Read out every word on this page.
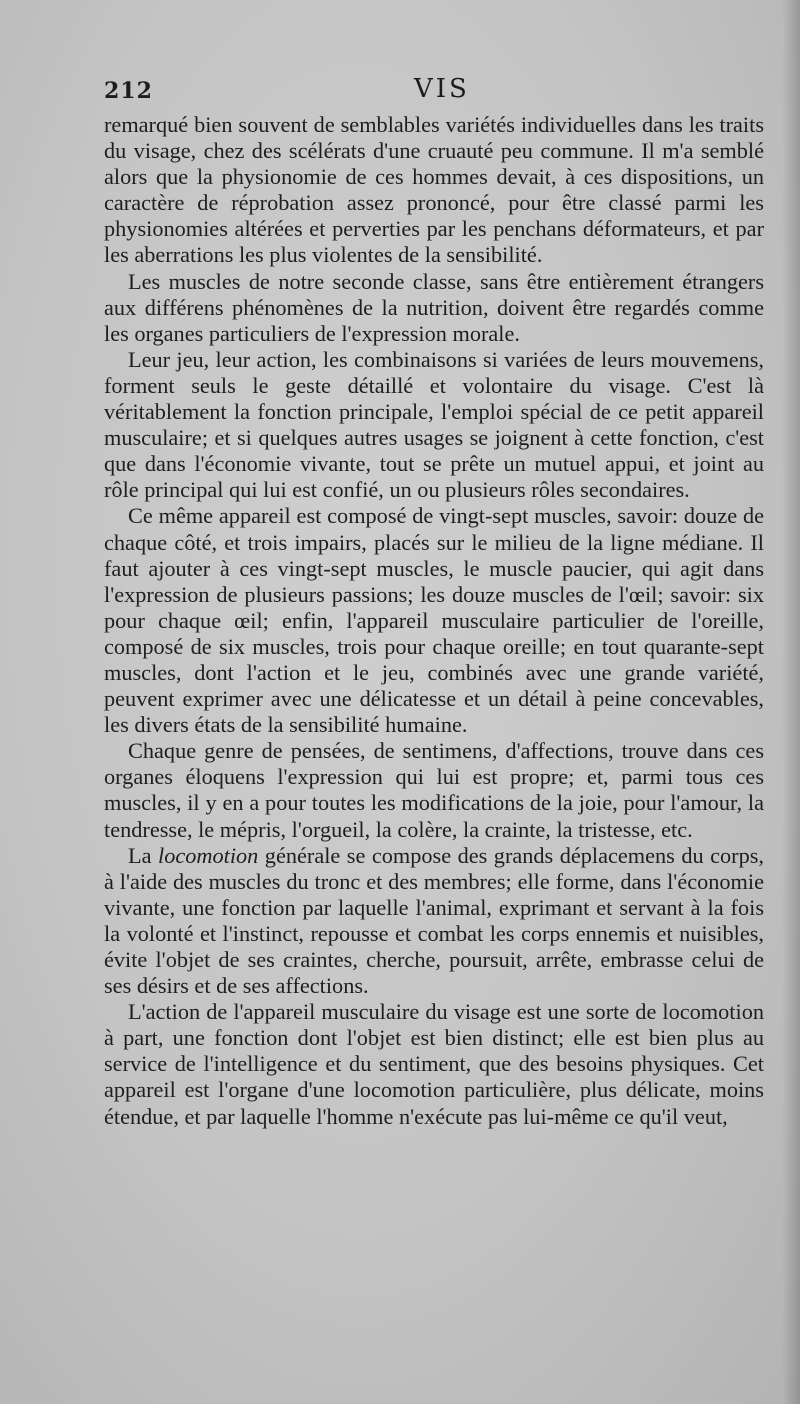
212	VIS

remarqué bien souvent de semblables variétés individuelles dans les traits du visage, chez des scélérats d'une cruauté peu commune. Il m'a semblé alors que la physionomie de ces hommes devait, à ces dispositions, un caractère de réprobation assez prononcé, pour être classé parmi les physionomies altérées et perverties par les penchans déformateurs, et par les aberrations les plus violentes de la sensibilité.

Les muscles de notre seconde classe, sans être entièrement étrangers aux différens phénomènes de la nutrition, doivent être regardés comme les organes particuliers de l'expression morale.

Leur jeu, leur action, les combinaisons si variées de leurs mouvemens, forment seuls le geste détaillé et volontaire du visage. C'est là véritablement la fonction principale, l'emploi spécial de ce petit appareil musculaire; et si quelques autres usages se joignent à cette fonction, c'est que dans l'économie vivante, tout se prête un mutuel appui, et joint au rôle principal qui lui est confié, un ou plusieurs rôles secondaires.

Ce même appareil est composé de vingt-sept muscles, savoir: douze de chaque côté, et trois impairs, placés sur le milieu de la ligne médiane. Il faut ajouter à ces vingt-sept muscles, le muscle paucier, qui agit dans l'expression de plusieurs passions; les douze muscles de l'œil; savoir: six pour chaque œil; enfin, l'appareil musculaire particulier de l'oreille, composé de six muscles, trois pour chaque oreille; en tout quarante-sept muscles, dont l'action et le jeu, combinés avec une grande variété, peuvent exprimer avec une délicatesse et un détail à peine concevables, les divers états de la sensibilité humaine.

Chaque genre de pensées, de sentimens, d'affections, trouve dans ces organes éloquens l'expression qui lui est propre; et, parmi tous ces muscles, il y en a pour toutes les modifications de la joie, pour l'amour, la tendresse, le mépris, l'orgueil, la colère, la crainte, la tristesse, etc.

La locomotion générale se compose des grands déplacemens du corps, à l'aide des muscles du tronc et des membres; elle forme, dans l'économie vivante, une fonction par laquelle l'animal, exprimant et servant à la fois la volonté et l'instinct, repousse et combat les corps ennemis et nuisibles, évite l'objet de ses craintes, cherche, poursuit, arrête, embrasse celui de ses désirs et de ses affections.

L'action de l'appareil musculaire du visage est une sorte de locomotion à part, une fonction dont l'objet est bien distinct; elle est bien plus au service de l'intelligence et du sentiment, que des besoins physiques. Cet appareil est l'organe d'une locomotion particulière, plus délicate, moins étendue, et par laquelle l'homme n'exécute pas lui-même ce qu'il veut,
